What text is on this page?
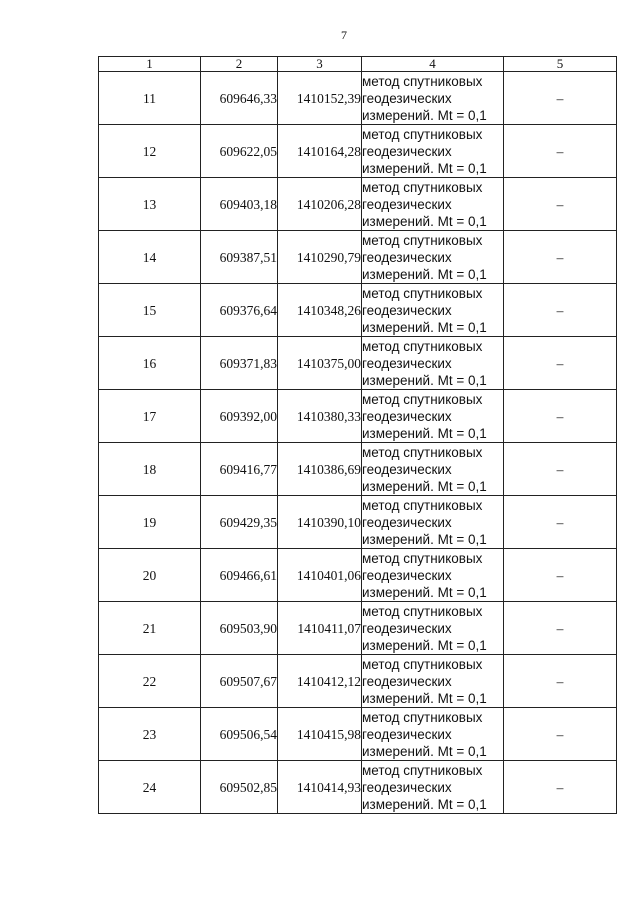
7
1	2	3	4	5
11	609646,33	1410152,39	метод спутниковых
геодезических
измерений. Mt = 0,1	–
12	609622,05	1410164,28	метод спутниковых
геодезических
измерений. Mt = 0,1	–
13	609403,18	1410206,28	метод спутниковых
геодезических
измерений. Mt = 0,1	–
14	609387,51	1410290,79	метод спутниковых
геодезических
измерений. Mt = 0,1	–
15	609376,64	1410348,26	метод спутниковых
геодезических
измерений. Mt = 0,1	–
16	609371,83	1410375,00	метод спутниковых
геодезических
измерений. Mt = 0,1	–
17	609392,00	1410380,33	метод спутниковых
геодезических
измерений. Mt = 0,1	–
18	609416,77	1410386,69	метод спутниковых
геодезических
измерений. Mt = 0,1	–
19	609429,35	1410390,10	метод спутниковых
геодезических
измерений. Mt = 0,1	–
20	609466,61	1410401,06	метод спутниковых
геодезических
измерений. Mt = 0,1	–
21	609503,90	1410411,07	метод спутниковых
геодезических
измерений. Mt = 0,1	–
22	609507,67	1410412,12	метод спутниковых
геодезических
измерений. Mt = 0,1	–
23	609506,54	1410415,98	метод спутниковых
геодезических
измерений. Mt = 0,1	–
24	609502,85	1410414,93	метод спутниковых
геодезических
измерений. Mt = 0,1	–
